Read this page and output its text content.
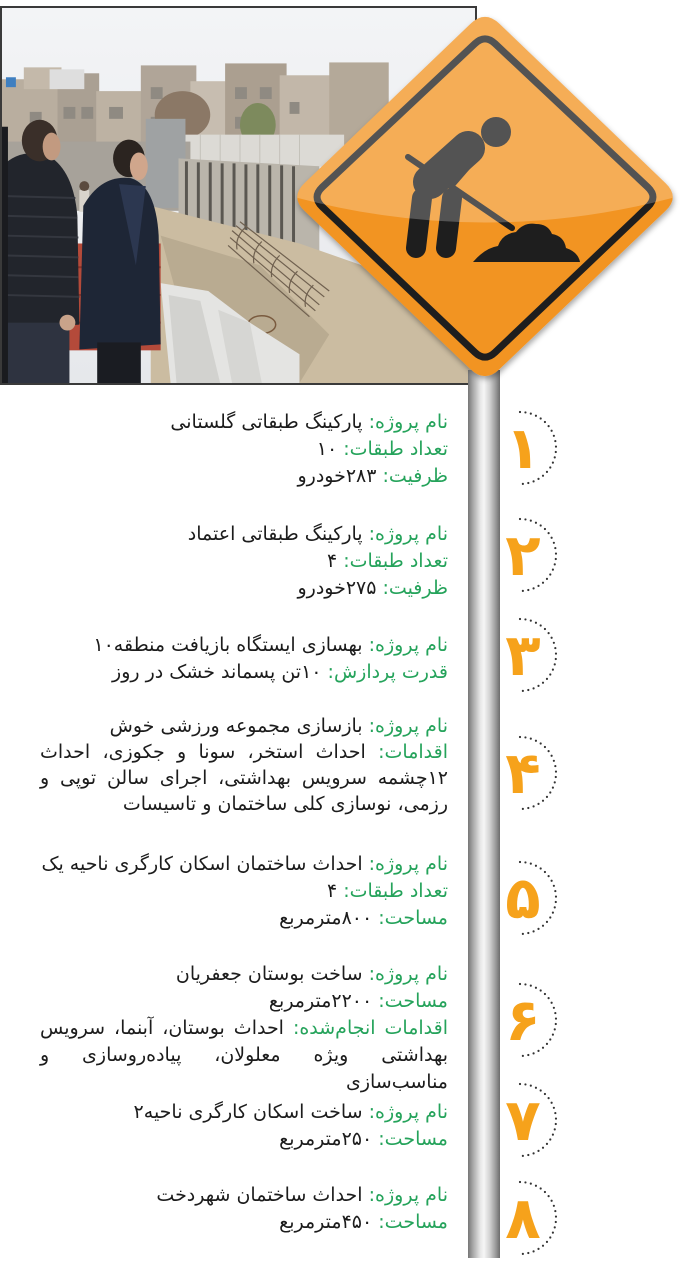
۱
۲
۳
۴
۵
۶
۷
۸

نام پروژه: پارکینگ طبقاتی گلستانی

تعداد طبقات: ۱۰

ظرفیت: ۲۸۳خودرو

نام پروژه: پارکینگ طبقاتی اعتماد

تعداد طبقات: ۴

ظرفیت: ۲۷۵خودرو

نام پروژه: بهسازی ایستگاه بازیافت منطقه۱۰

قدرت پردازش: ۱۰تن پسماند خشک در روز

نام پروژه: بازسازی مجموعه ورزشی خوش

اقدامات: احداث استخر، سونا و جکوزی، احداث ۱۲چشمه سرویس بهداشتی، اجرای سالن توپی و رزمی، نوسازی کلی ساختمان و تاسیسات

نام پروژه: احداث ساختمان اسکان کارگری ناحیه یک

تعداد طبقات: ۴

مساحت: ۸۰۰مترمربع

نام پروژه: ساخت بوستان جعفریان

مساحت: ۲۲۰۰مترمربع

اقدامات انجام‌شده: احداث بوستان، آبنما، سرویس بهداشتی ویژه معلولان، پیاده‌روسازی و مناسب‌سازی

نام پروژه: ساخت اسکان کارگری ناحیه۲

مساحت: ۲۵۰مترمربع

نام پروژه: احداث ساختمان شهردخت

مساحت: ۴۵۰مترمربع
